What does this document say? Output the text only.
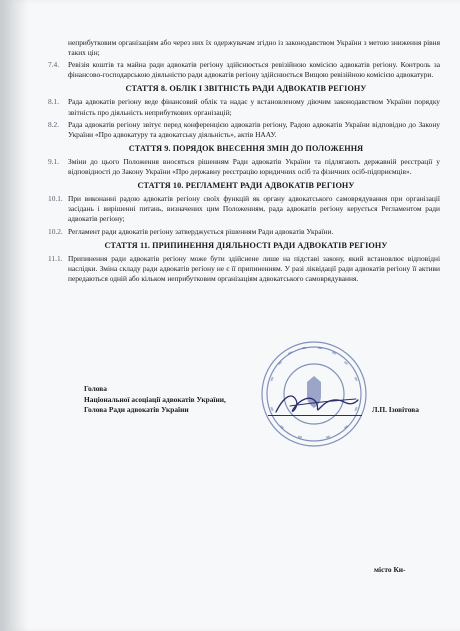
неприбутковим організаціям або через них їх одержувачам згідно із законодавством України з метою зниження рівня таких цін;

7.4. Ревізія коштів та майна ради адвокатів регіону здійснюється ревізійною комісією адвокатів регіону. Контроль за фінансово-господарською діяльністю ради адвокатів регіону здійснюється Вищою ревізійною комісією адвокатури.

СТАТТЯ 8. ОБЛІК І ЗВІТНІСТЬ РАДИ АДВОКАТІВ РЕГІОНУ

8.1. Рада адвокатів регіону веде фінансовий облік та надає у встановленому діючим законодавством України порядку звітність про діяльність неприбуткових організацій;

8.2. Рада адвокатів регіону звітує перед конференцією адвокатів регіону, Радою адвокатів України відповідно до Закону України «Про адвокатуру та адвокатську діяльність», актів НААУ.

СТАТТЯ 9. ПОРЯДОК ВНЕСЕННЯ ЗМІН ДО ПОЛОЖЕННЯ

9.1. Зміни до цього Положення вносяться рішенням Ради адвокатів України та підлягають державній реєстрації у відповідності до Закону України «Про державну реєстрацію юридичних осіб та фізичних осіб-підприємців».

СТАТТЯ 10. РЕГЛАМЕНТ РАДИ АДВОКАТІВ РЕГІОНУ

10.1. При виконанні радою адвокатів регіону своїх функцій як органу адвокатського самоврядування при організації засідань і вирішенні питань, визначених цим Положенням, рада адвокатів регіону керується Регламентом ради адвокатів регіону;

10.2. Регламент ради адвокатів регіону затверджується рішенням Ради адвокатів України.

СТАТТЯ 11. ПРИПИНЕННЯ ДІЯЛЬНОСТІ РАДИ АДВОКАТІВ РЕГІОНУ

11.1. Припинення ради адвокатів регіону може бути здійснене лише на підставі закону, який встановлює відповідні наслідки. Зміна складу ради адвокатів регіону не є її припиненням. У разі ліквідації ради адвокатів регіону її активи передаються одній або кільком неприбутковим організаціям адвокатського самоврядування.

Голова
Національної асоціації адвокатів України,
Голова Ради адвокатів України	Л.П. Ізовітова
місто Ки-
